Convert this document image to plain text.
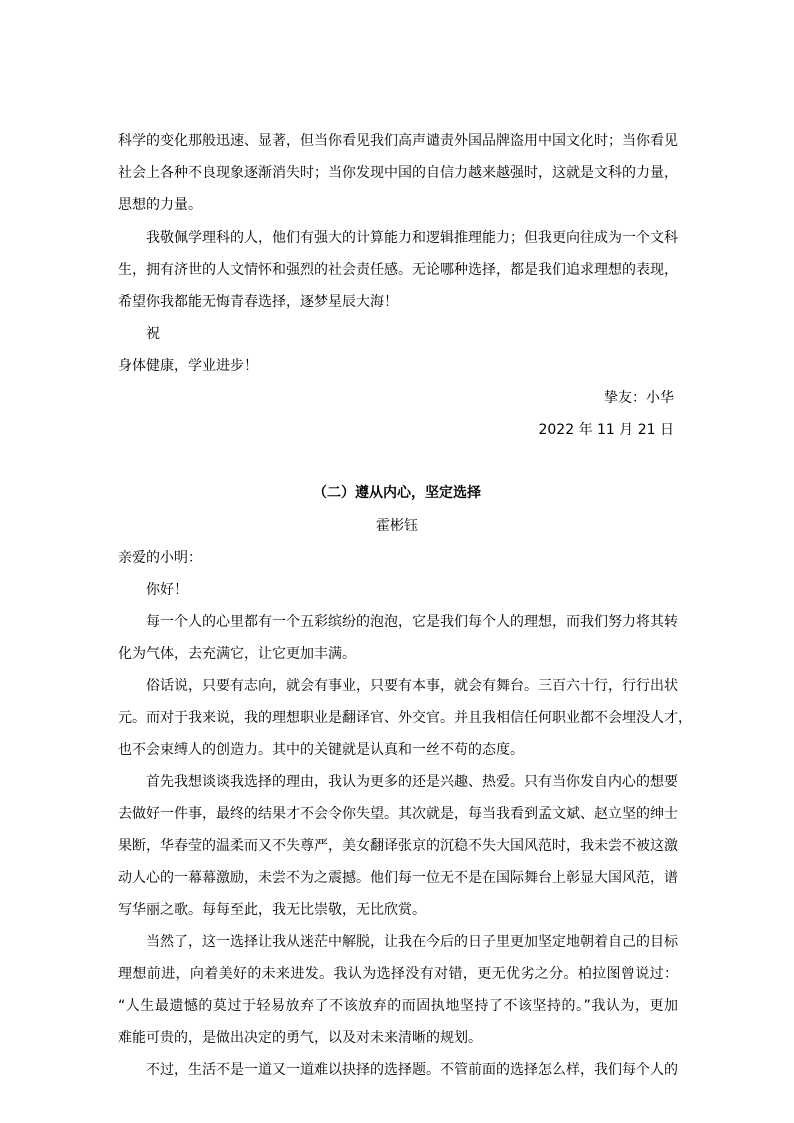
科学的变化那般迅速、显著，但当你看见我们高声谴责外国品牌盗用中国文化时；当你看见
社会上各种不良现象逐渐消失时；当你发现中国的自信力越来越强时，这就是文科的力量，
思想的力量。
我敬佩学理科的人，他们有强大的计算能力和逻辑推理能力；但我更向往成为一个文科
生，拥有济世的人文情怀和强烈的社会责任感。无论哪种选择，都是我们追求理想的表现，
希望你我都能无悔青春选择，逐梦星辰大海！
祝
身体健康，学业进步！
挚友：小华
2022 年 11 月 21 日
（二）遵从内心，坚定选择
霍彬钰
亲爱的小明：
你好！
每一个人的心里都有一个五彩缤纷的泡泡，它是我们每个人的理想，而我们努力将其转
化为气体，去充满它，让它更加丰满。
俗话说，只要有志向，就会有事业，只要有本事，就会有舞台。三百六十行，行行出状
元。而对于我来说，我的理想职业是翻译官、外交官。并且我相信任何职业都不会埋没人才，
也不会束缚人的创造力。其中的关键就是认真和一丝不苟的态度。
首先我想谈谈我选择的理由，我认为更多的还是兴趣、热爱。只有当你发自内心的想要
去做好一件事，最终的结果才不会令你失望。其次就是，每当我看到孟文斌、赵立坚的绅士
果断，华春莹的温柔而又不失尊严，美女翻译张京的沉稳不失大国风范时，我未尝不被这激
动人心的一幕幕激励，未尝不为之震撼。他们每一位无不是在国际舞台上彰显大国风范，谱
写华丽之歌。每每至此，我无比崇敬，无比欣赏。
当然了，这一选择让我从迷茫中解脱，让我在今后的日子里更加坚定地朝着自己的目标
理想前进，向着美好的未来进发。我认为选择没有对错，更无优劣之分。柏拉图曾说过：
“人生最遗憾的莫过于轻易放弃了不该放弃的而固执地坚持了不该坚持的。”我认为，更加
难能可贵的，是做出决定的勇气，以及对未来清晰的规划。
不过，生活不是一道又一道难以抉择的选择题。不管前面的选择怎么样，我们每个人的
